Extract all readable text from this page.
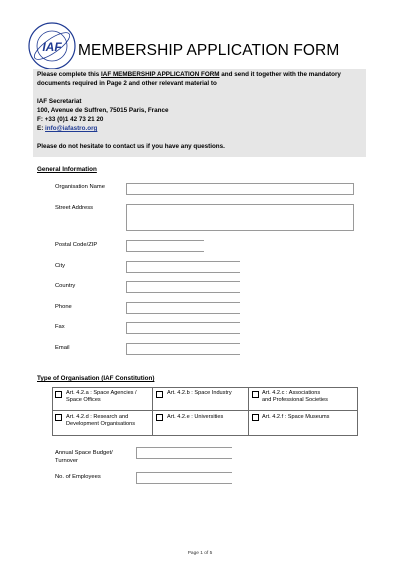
IAF MEMBERSHIP APPLICATION FORM
Please complete this IAF MEMBERSHIP APPLICATION FORM and send it together with the mandatory
documents required in Page 2 and other relevant material to
IAF Secretariat
100, Avenue de Suffren, 75015 Paris, France
F: +33 (0)1 42 73 21 20
E: info@iafastro.org
Please do not hesitate to contact us if you have any questions.
General Information
Organisation Name
Street Address
Postal Code/ZIP
City
Country
Phone
Fax
Email
Type of Organisation (IAF Constitution)
Art. 4.2.a : Space Agencies /
Space Offices
Art. 4.2.b : Space Industry	Art. 4.2.c : Associations
and Professional Societies
Art. 4.2.d : Research and
Development Organisations
Art. 4.2.e : Universities	Art. 4.2.f : Space Museums
Annual Space Budget/
Turnover
No. of Employees
Page 1 of 5
